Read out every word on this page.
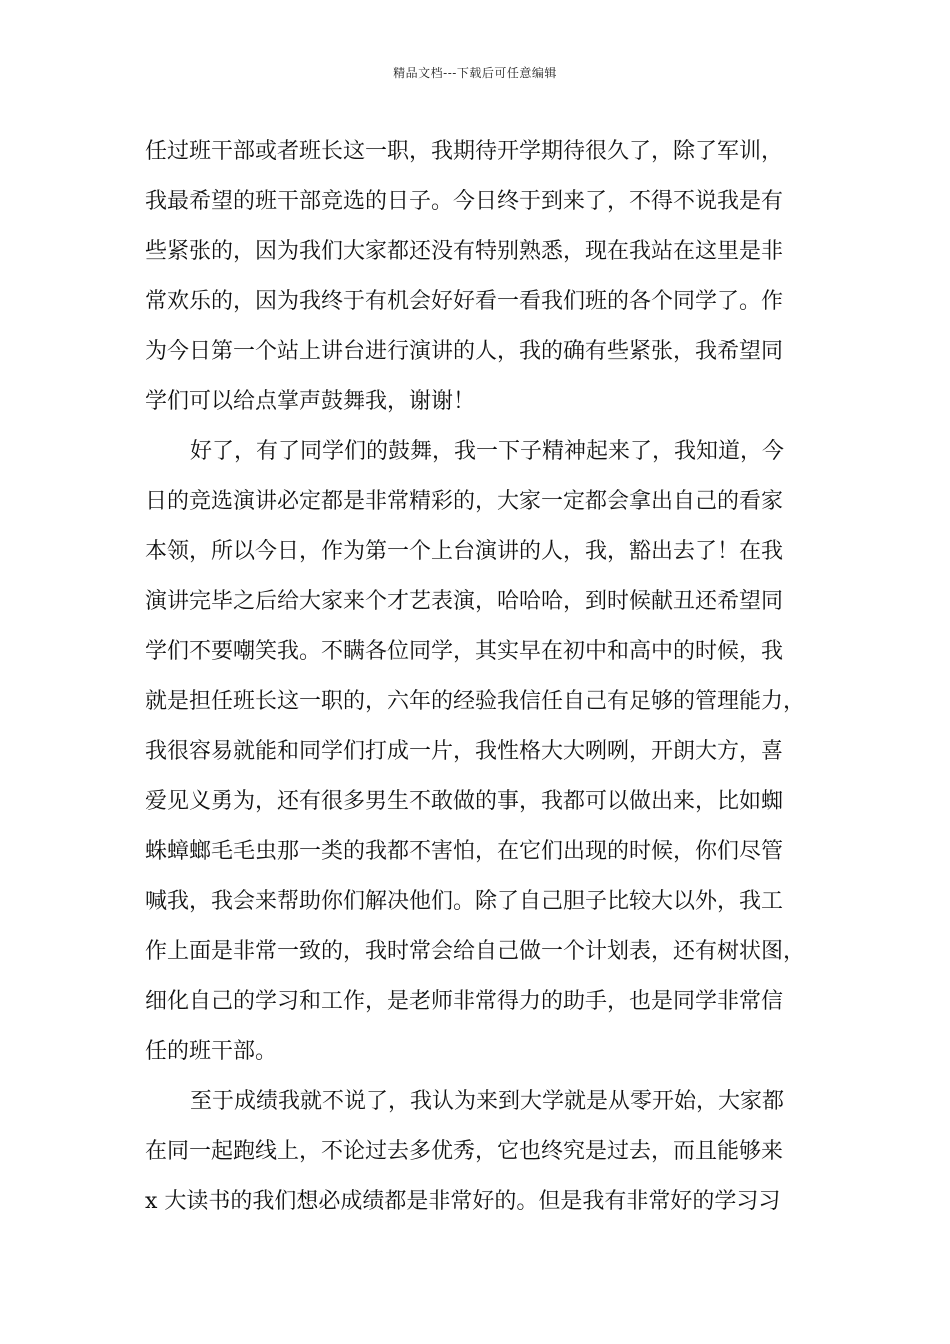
精品文档---下载后可任意编辑
任过班干部或者班长这一职，我期待开学期待很久了，除了军训，
我最希望的班干部竞选的日子。今日终于到来了，不得不说我是有
些紧张的，因为我们大家都还没有特别熟悉，现在我站在这里是非
常欢乐的，因为我终于有机会好好看一看我们班的各个同学了。作
为今日第一个站上讲台进行演讲的人，我的确有些紧张，我希望同
学们可以给点掌声鼓舞我，谢谢！
好了，有了同学们的鼓舞，我一下子精神起来了，我知道，今
日的竞选演讲必定都是非常精彩的，大家一定都会拿出自己的看家
本领，所以今日，作为第一个上台演讲的人，我，豁出去了！在我
演讲完毕之后给大家来个才艺表演，哈哈哈，到时候献丑还希望同
学们不要嘲笑我。不瞒各位同学，其实早在初中和高中的时候，我
就是担任班长这一职的，六年的经验我信任自己有足够的管理能力，
我很容易就能和同学们打成一片，我性格大大咧咧，开朗大方，喜
爱见义勇为，还有很多男生不敢做的事，我都可以做出来，比如蜘
蛛蟑螂毛毛虫那一类的我都不害怕，在它们出现的时候，你们尽管
喊我，我会来帮助你们解决他们。除了自己胆子比较大以外，我工
作上面是非常一致的，我时常会给自己做一个计划表，还有树状图，
细化自己的学习和工作，是老师非常得力的助手，也是同学非常信
任的班干部。
至于成绩我就不说了，我认为来到大学就是从零开始，大家都
在同一起跑线上，不论过去多优秀，它也终究是过去，而且能够来
x 大读书的我们想必成绩都是非常好的。但是我有非常好的学习习
